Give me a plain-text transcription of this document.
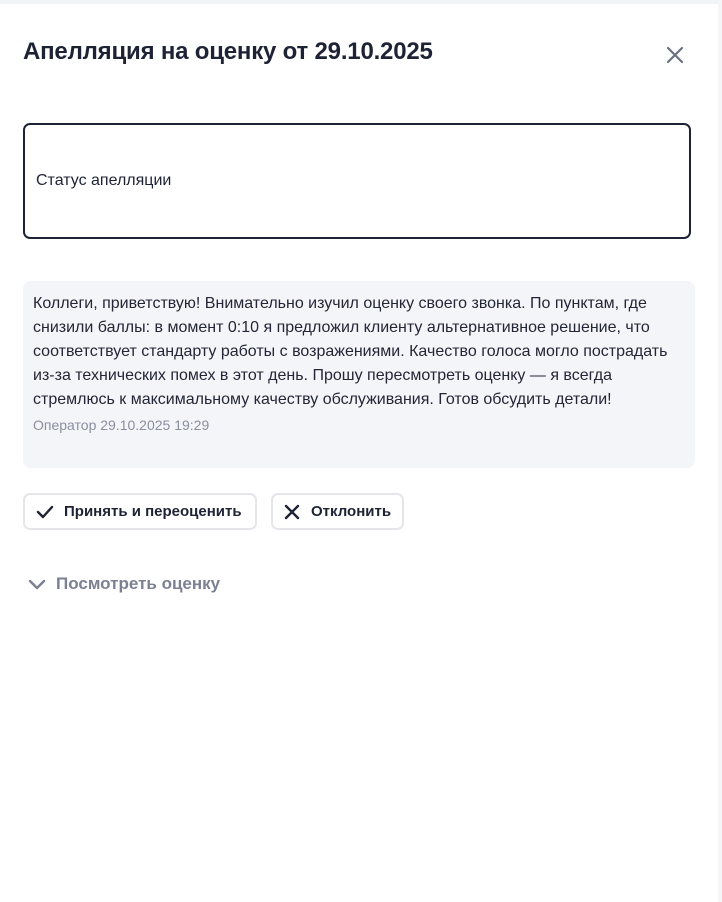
Апелляция на оценку от 29.10.2025
Статус апелляции

Коллеги, приветствую! Внимательно изучил оценку своего звонка. По пунктам, где снизили баллы: в момент 0:10 я предложил клиенту альтернативное решение, что соответствует стандарту работы с возражениями. Качество голоса могло пострадать из-за технических помех в этот день. Прошу пересмотреть оценку — я всегда стремлюсь к максимальному качеству обслуживания. Готов обсудить детали!

Оператор 29.10.2025 19:29
Принять и переоценить	Отклонить
Посмотреть оценку
